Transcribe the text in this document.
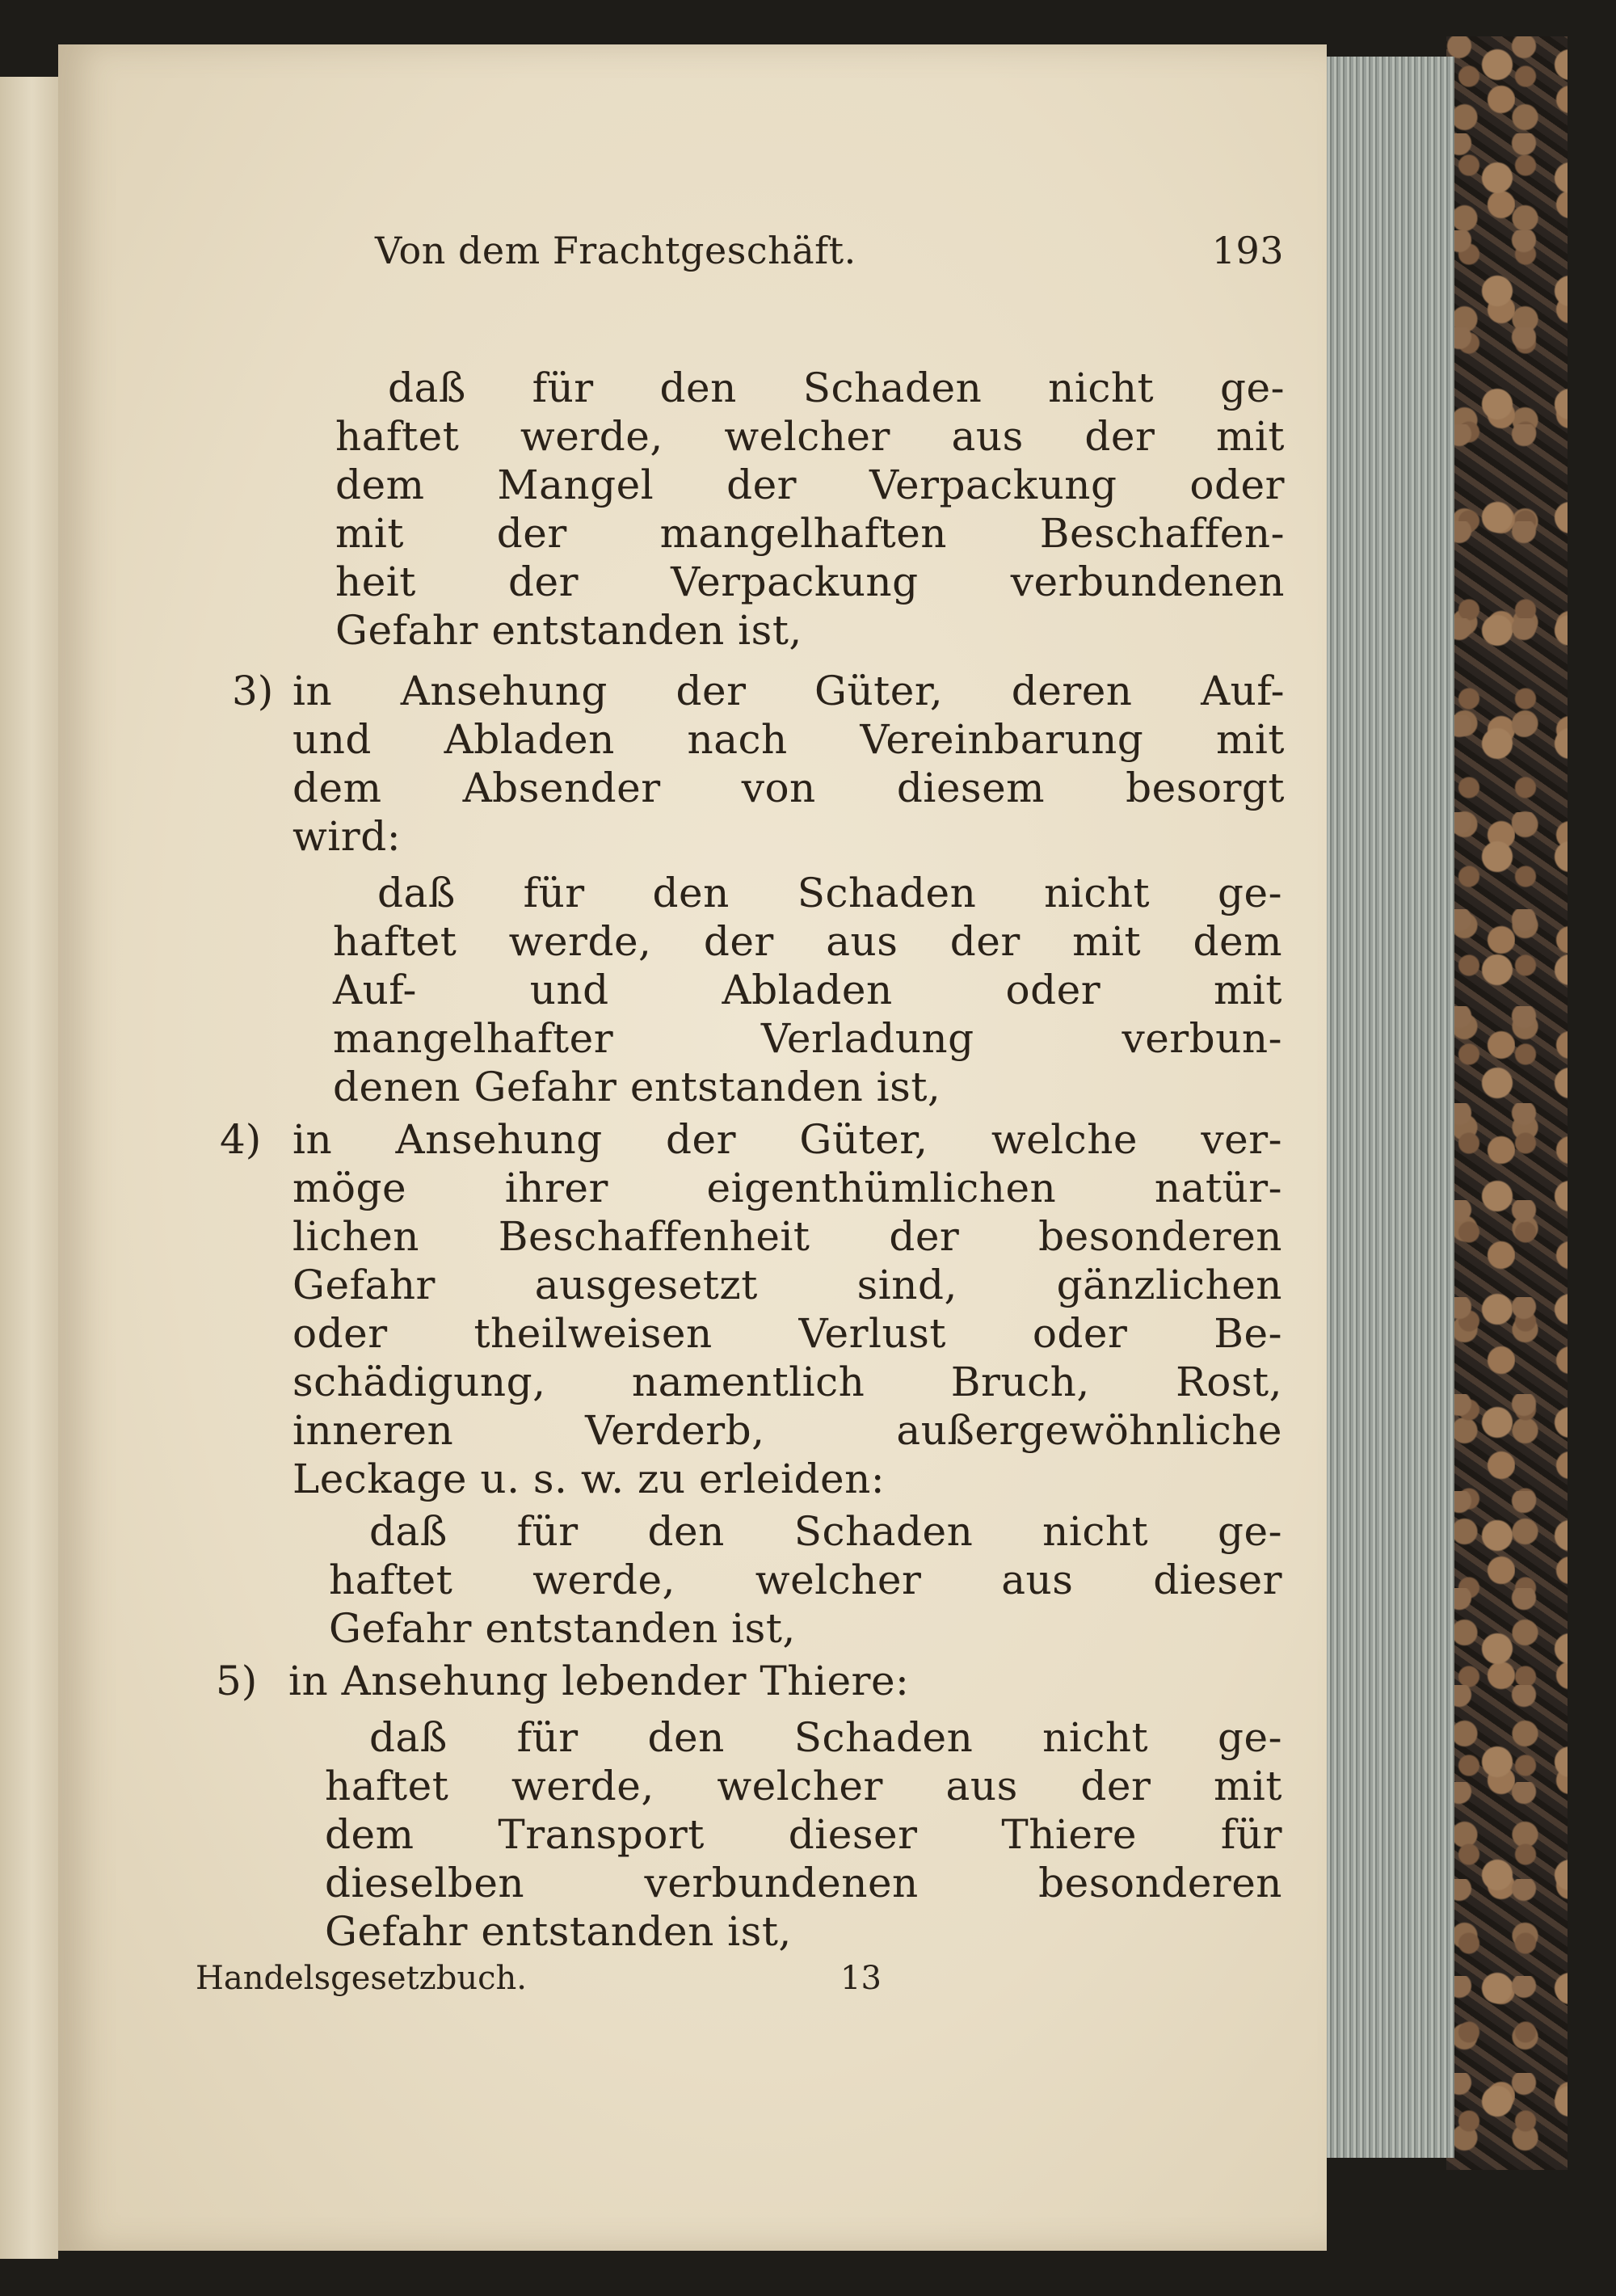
Von dem Frachtgeschäft.

	193

daß für den Schaden nicht ge-
haftet werde, welcher aus der mit
dem Mangel der Verpackung oder
mit der mangelhaften Beschaffen-
heit der Verpackung verbundenen
Gefahr entstanden ist,
3) in Ansehung der Güter, deren Auf-
und Abladen nach Vereinbarung mit
dem Absender von diesem besorgt
wird:
daß für den Schaden nicht ge-
haftet werde, der aus der mit dem
Auf- und Abladen oder mit
mangelhafter Verladung verbun-
denen Gefahr entstanden ist,
4) in Ansehung der Güter, welche ver-
möge ihrer eigenthümlichen natür-
lichen Beschaffenheit der besonderen
Gefahr ausgesetzt sind, gänzlichen
oder theilweisen Verlust oder Be-
schädigung, namentlich Bruch, Rost,
inneren Verderb, außergewöhnliche
Leckage u. s. w. zu erleiden:
daß für den Schaden nicht ge-
haftet werde, welcher aus dieser
Gefahr entstanden ist,
5) in Ansehung lebender Thiere:
daß für den Schaden nicht ge-
haftet werde, welcher aus der mit
dem Transport dieser Thiere für
dieselben verbundenen besonderen
Gefahr entstanden ist,
Handelsgesetzbuch.	13
